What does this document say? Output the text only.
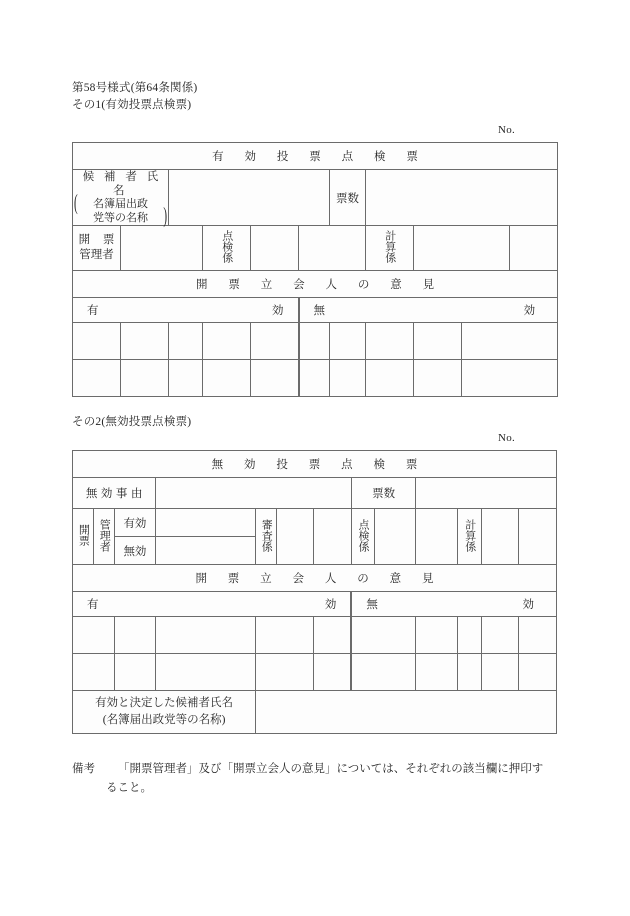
第58号様式(第64条関係)
その1(有効投票点検票)
No.
有 効 投 票 点 検 票										

候 補 者 氏 名
( 名簿届出政
党等の名称 )						票数				

開 票
管理者			点検係				計算係			
開 票 立 会 人 の 意 見										
有 効					無 効					

その2(無効投票点検票)
No.
無 効 投 票 点 検 票												
無効事由							票数					
開票	管理者	有効		審査係			点検係			計算係		
		無効										
開 票 立 会 人 の 意 見												
有 効							無 効					

有効と決定した候補者氏名
(名簿届出政党等の名称)												

備考 「開票管理者」及び「開票立会人の意見」については、それぞれの該当欄に押印す
ること。
